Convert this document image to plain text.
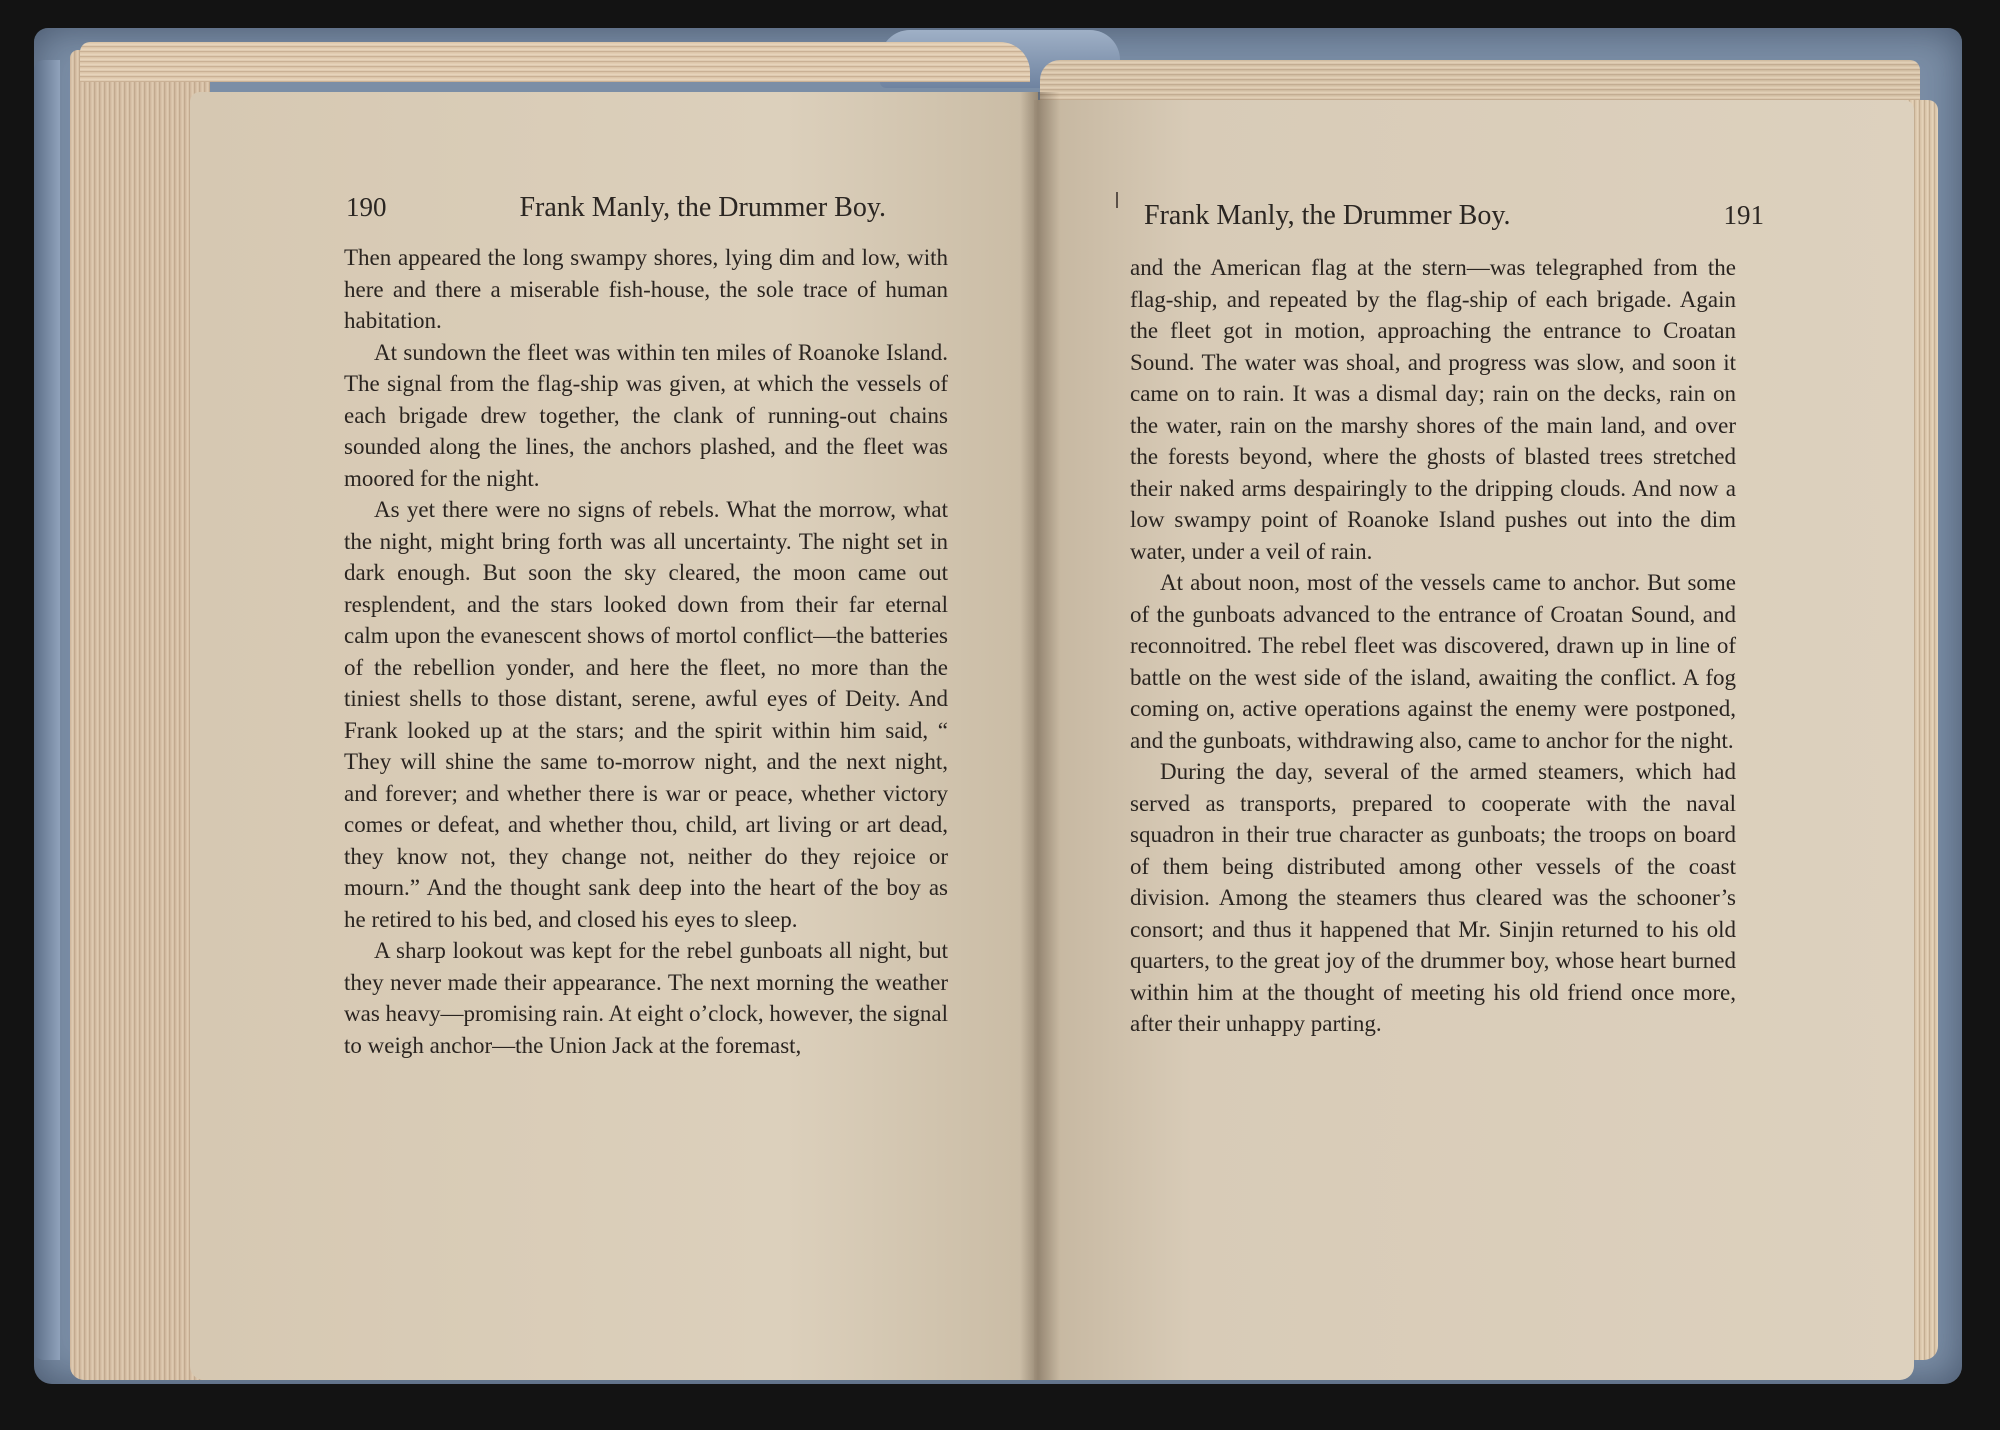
190	Frank Manly, the Drummer Boy.

Then appeared the long swampy shores, lying dim and low, with here and there a miserable fish-house, the sole trace of human habitation.

At sundown the fleet was within ten miles of Roanoke Island. The signal from the flag-ship was given, at which the vessels of each brigade drew together, the clank of running-out chains sounded along the lines, the anchors plashed, and the fleet was moored for the night.

As yet there were no signs of rebels. What the morrow, what the night, might bring forth was all uncertainty. The night set in dark enough. But soon the sky cleared, the moon came out resplendent, and the stars looked down from their far eternal calm upon the evanescent shows of mortol conflict—the batteries of the rebellion yonder, and here the fleet, no more than the tiniest shells to those distant, serene, awful eyes of Deity. And Frank looked up at the stars; and the spirit within him said, “ They will shine the same to-morrow night, and the next night, and forever; and whether there is war or peace, whether victory comes or defeat, and whether thou, child, art living or art dead, they know not, they change not, neither do they rejoice or mourn.” And the thought sank deep into the heart of the boy as he retired to his bed, and closed his eyes to sleep.

A sharp lookout was kept for the rebel gunboats all night, but they never made their appearance. The next morning the weather was heavy—promising rain. At eight o’clock, however, the signal to weigh anchor—the Union Jack at the foremast,

Frank Manly, the Drummer Boy.	191

and the American flag at the stern—was telegraphed from the flag-ship, and repeated by the flag-ship of each brigade. Again the fleet got in motion, approaching the entrance to Croatan Sound. The water was shoal, and progress was slow, and soon it came on to rain. It was a dismal day; rain on the decks, rain on the water, rain on the marshy shores of the main land, and over the forests beyond, where the ghosts of blasted trees stretched their naked arms despairingly to the dripping clouds. And now a low swampy point of Roanoke Island pushes out into the dim water, under a veil of rain.

At about noon, most of the vessels came to anchor. But some of the gunboats advanced to the entrance of Croatan Sound, and reconnoitred. The rebel fleet was discovered, drawn up in line of battle on the west side of the island, awaiting the conflict. A fog coming on, active operations against the enemy were postponed, and the gunboats, withdrawing also, came to anchor for the night.

During the day, several of the armed steamers, which had served as transports, prepared to cooperate with the naval squadron in their true character as gunboats; the troops on board of them being distributed among other vessels of the coast division. Among the steamers thus cleared was the schooner’s consort; and thus it happened that Mr. Sinjin returned to his old quarters, to the great joy of the drummer boy, whose heart burned within him at the thought of meeting his old friend once more, after their unhappy parting.
